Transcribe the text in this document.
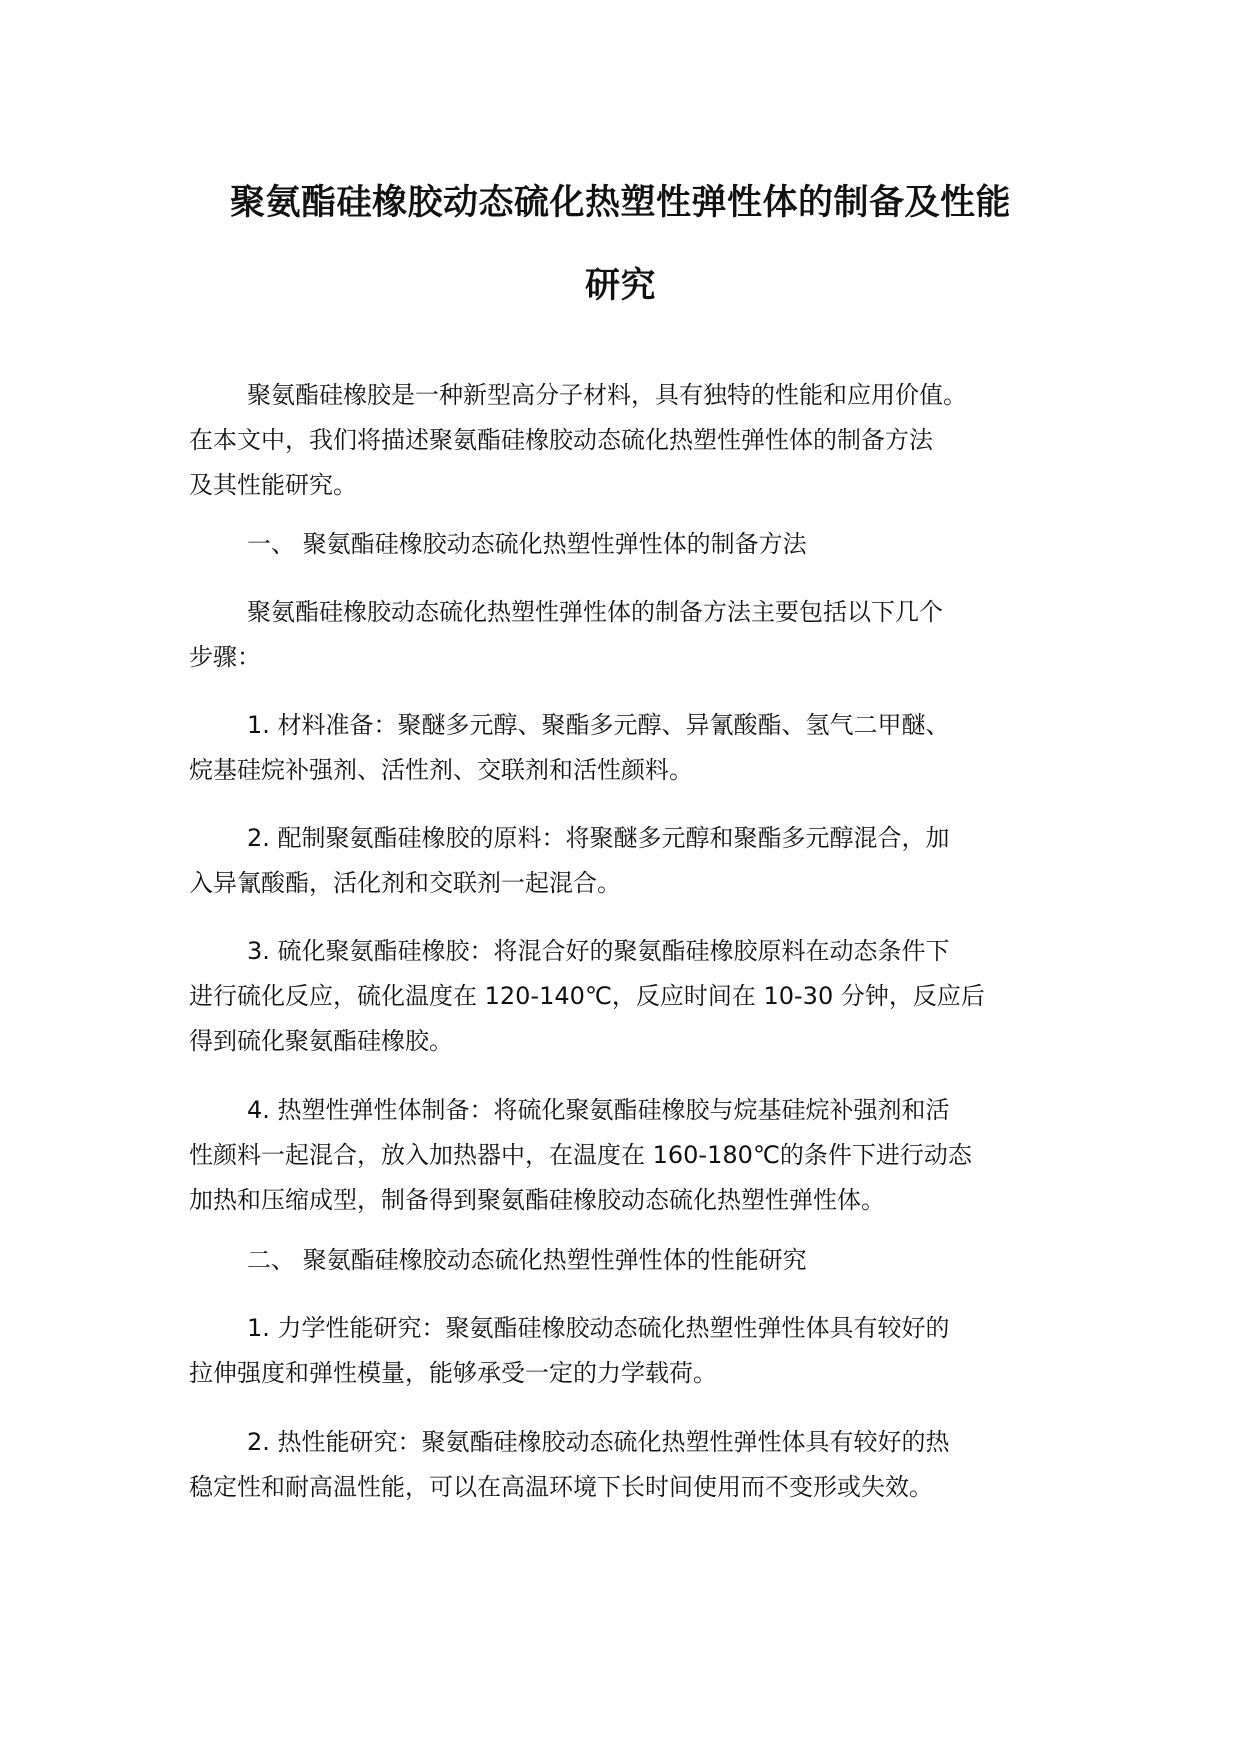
聚氨酯硅橡胶动态硫化热塑性弹性体的制备及性能
研究

聚氨酯硅橡胶是一种新型高分子材料，具有独特的性能和应用价值。
在本文中，我们将描述聚氨酯硅橡胶动态硫化热塑性弹性体的制备方法
及其性能研究。

一、 聚氨酯硅橡胶动态硫化热塑性弹性体的制备方法

聚氨酯硅橡胶动态硫化热塑性弹性体的制备方法主要包括以下几个
步骤：

1. 材料准备：聚醚多元醇、聚酯多元醇、异氰酸酯、氢气二甲醚、
烷基硅烷补强剂、活性剂、交联剂和活性颜料。

2. 配制聚氨酯硅橡胶的原料：将聚醚多元醇和聚酯多元醇混合，加
入异氰酸酯，活化剂和交联剂一起混合。

3. 硫化聚氨酯硅橡胶：将混合好的聚氨酯硅橡胶原料在动态条件下
进行硫化反应，硫化温度在 120-140℃，反应时间在 10-30 分钟，反应后
得到硫化聚氨酯硅橡胶。

4. 热塑性弹性体制备：将硫化聚氨酯硅橡胶与烷基硅烷补强剂和活
性颜料一起混合，放入加热器中，在温度在 160-180℃的条件下进行动态
加热和压缩成型，制备得到聚氨酯硅橡胶动态硫化热塑性弹性体。

二、 聚氨酯硅橡胶动态硫化热塑性弹性体的性能研究

1. 力学性能研究：聚氨酯硅橡胶动态硫化热塑性弹性体具有较好的
拉伸强度和弹性模量，能够承受一定的力学载荷。

2. 热性能研究：聚氨酯硅橡胶动态硫化热塑性弹性体具有较好的热
稳定性和耐高温性能，可以在高温环境下长时间使用而不变形或失效。
